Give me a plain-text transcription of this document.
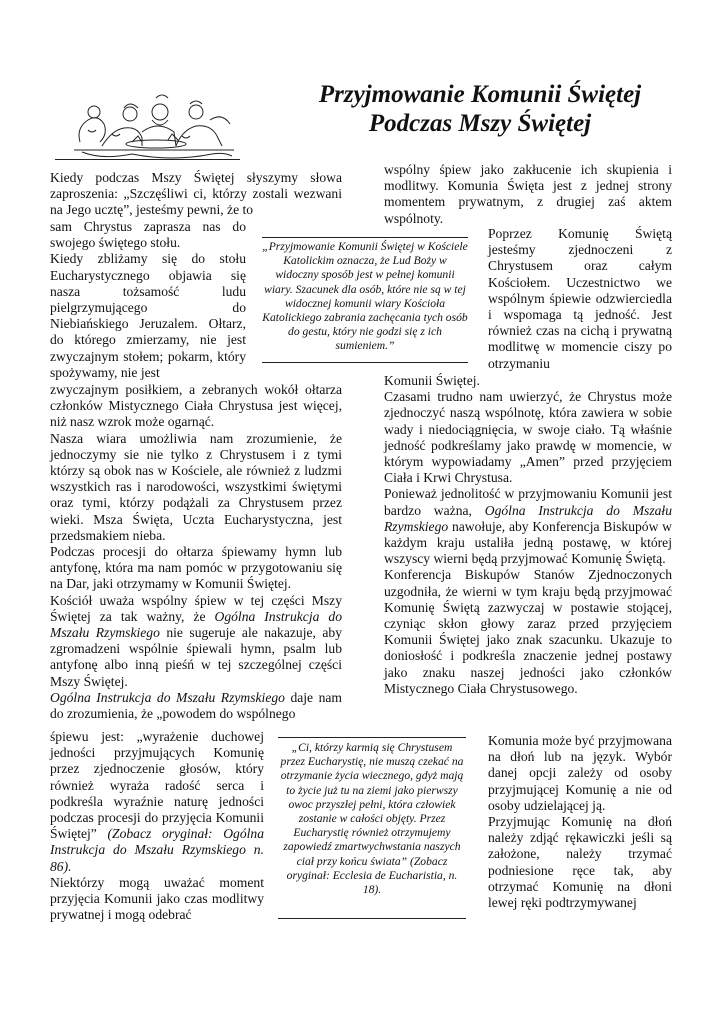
Przyjmowanie Komunii Świętej
Podczas Mszy Świętej

Kiedy podczas Mszy Świętej słyszymy słowa zaproszenia: „Szczęśliwi ci, którzy zostali wezwani na Jego ucztę”, jesteśmy pewni, że to

sam Chrystus zaprasza nas do swojego świętego stołu.

Kiedy zbliżamy się do stołu Eucharystycznego objawia się nasza tożsamość ludu pielgrzymującego do Niebiańskiego Jeruzalem. Ołtarz, do którego zmierzamy, nie jest zwyczajnym stołem; pokarm, który spożywamy, nie jest

zwyczajnym posiłkiem, a zebranych wokół ołtarza członków Mistycznego Ciała Chrystusa jest więcej, niż nasz wzrok może ogarnąć.

Nasza wiara umożliwia nam zrozumienie, że jednoczymy sie nie tylko z Chrystusem i z tymi którzy są obok nas w Kościele, ale również z ludzmi wszystkich ras i narodowości, wszystkimi świętymi oraz tymi, którzy podążali za Chrystusem przez wieki. Msza Święta, Uczta Eucharystyczna, jest przedsmakiem nieba.

Podczas procesji do ołtarza śpiewamy hymn lub antyfonę, która ma nam pomóc w przygotowaniu się na Dar, jaki otrzymamy w Komunii Świętej.

Kościół uważa wspólny śpiew w tej części Mszy Świętej za tak ważny, że Ogólna Instrukcja do Mszału Rzymskiego nie sugeruje ale nakazuje, aby zgromadzeni wspólnie śpiewali hymn, psalm lub antyfonę albo inną pieśń w tej szczególnej części Mszy Świętej.

Ogólna Instrukcja do Mszału Rzymskiego daje nam do zrozumienia, że „powodem do wspólnego

śpiewu jest: „wyrażenie duchowej jedności przyjmujących Komunię przez zjednoczenie głosów, który również wyraża radość serca i podkreśla wyraźnie naturę jedności podczas procesji do przyjęcia Komunii Świętej” (Zobacz oryginał: Ogólna Instrukcja do Mszału Rzymskiego n. 86).

Niektórzy mogą uważać moment przyjęcia Komunii jako czas modlitwy prywatnej i mogą odebrać

„Przyjmowanie Komunii Świętej w Kościele Katolickim oznacza, że Lud Boży w widoczny sposób jest w pełnej komunii wiary. Szacunek dla osób, które nie są w tej widocznej komunii wiary Kościoła Katolickiego zabrania zachęcania tych osób do gestu, który nie godzi się z ich sumieniem.”
„Ci, którzy karmią się Chrystusem przez Eucharystię, nie muszą czekać na otrzymanie życia wiecznego, gdyż mają to życie już tu na ziemi jako pierwszy owoc przyszłej pełni, która człowiek zostanie w całości objęty. Przez Eucharystię również otrzymujemy zapowiedź zmartwychwstania naszych ciał przy końcu świata” (Zobacz oryginał: Ecclesia de Eucharistia, n. 18).

wspólny śpiew jako zakłucenie ich skupienia i modlitwy. Komunia Święta jest z jednej strony momentem prywatnym, z drugiej zaś aktem wspólnoty.

Poprzez Komunię Świętą jesteśmy zjednoczeni z Chrystusem oraz całym Kościołem. Uczestnictwo we wspólnym śpiewie odzwierciedla i wspomaga tą jedność. Jest również czas na cichą i prywatną modlitwę w momencie ciszy po otrzymaniu

Komunii Świętej.

Czasami trudno nam uwierzyć, że Chrystus może zjednoczyć naszą wspólnotę, która zawiera w sobie wady i niedociągnięcia, w swoje ciało. Tą właśnie jedność podkreślamy jako prawdę w momencie, w którym wypowiadamy „Amen” przed przyjęciem Ciała i Krwi Chrystusa.

Ponieważ jednolitość w przyjmowaniu Komunii jest bardzo ważna, Ogólna Instrukcja do Mszału Rzymskiego nawołuje, aby Konferencja Biskupów w każdym kraju ustaliła jedną postawę, w której wszyscy wierni będą przyjmować Komunię Świętą.

Konferencja Biskupów Stanów Zjednoczonych uzgodniła, że wierni w tym kraju będą przyjmować Komunię Świętą zazwyczaj w postawie stojącej, czyniąc skłon głowy zaraz przed przyjęciem Komunii Świętej jako znak szacunku. Ukazuje to doniosłość i podkreśla znaczenie jednej postawy jako znaku naszej jedności jako członków Mistycznego Ciała Chrystusowego.

Komunia może być przyjmowana na dłoń lub na język. Wybór danej opcji zależy od osoby przyjmującej Komunię a nie od osoby udzielającej ją.

Przyjmując Komunię na dłoń należy zdjąć rękawiczki jeśli są założone, należy trzymać podniesione ręce tak, aby otrzymać Komunię na dłoni lewej ręki podtrzymywanej
